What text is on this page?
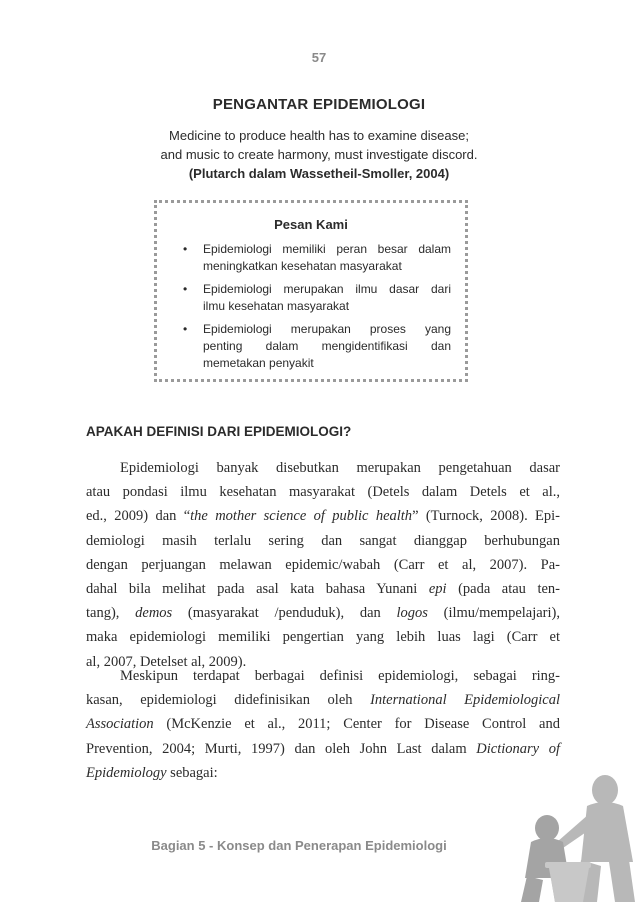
57
PENGANTAR EPIDEMIOLOGI
Medicine to produce health has to examine disease;
and music to create harmony, must investigate discord.
(Plutarch dalam Wassetheil-Smoller, 2004)
Pesan Kami
• Epidemiologi memiliki peran besar dalam
meningkatkan kesehatan masyarakat
• Epidemiologi merupakan ilmu dasar dari
ilmu kesehatan masyarakat
• Epidemiologi merupakan proses yang
penting dalam mengidentifikasi dan
memetakan penyakit
APAKAH DEFINISI DARI EPIDEMIOLOGI?
Epidemiologi banyak disebutkan merupakan pengetahuan dasar
atau pondasi ilmu kesehatan masyarakat (Detels dalam Detels et al.,
ed., 2009) dan “the mother science of public health” (Turnock, 2008). Epi-
demiologi masih terlalu sering dan sangat dianggap berhubungan
dengan perjuangan melawan epidemic/wabah (Carr et al, 2007). Pa-
dahal bila melihat pada asal kata bahasa Yunani epi (pada atau ten-
tang), demos (masyarakat /penduduk), dan logos (ilmu/mempelajari),
maka epidemiologi memiliki pengertian yang lebih luas lagi (Carr et
al, 2007, Detelset al, 2009).
Meskipun terdapat berbagai definisi epidemiologi, sebagai ring-
kasan, epidemiologi didefinisikan oleh International Epidemiological
Association (McKenzie et al., 2011; Center for Disease Control and
Prevention, 2004; Murti, 1997) dan oleh John Last dalam Dictionary of
Epidemiology sebagai:
Bagian 5 - Konsep dan Penerapan Epidemiologi
